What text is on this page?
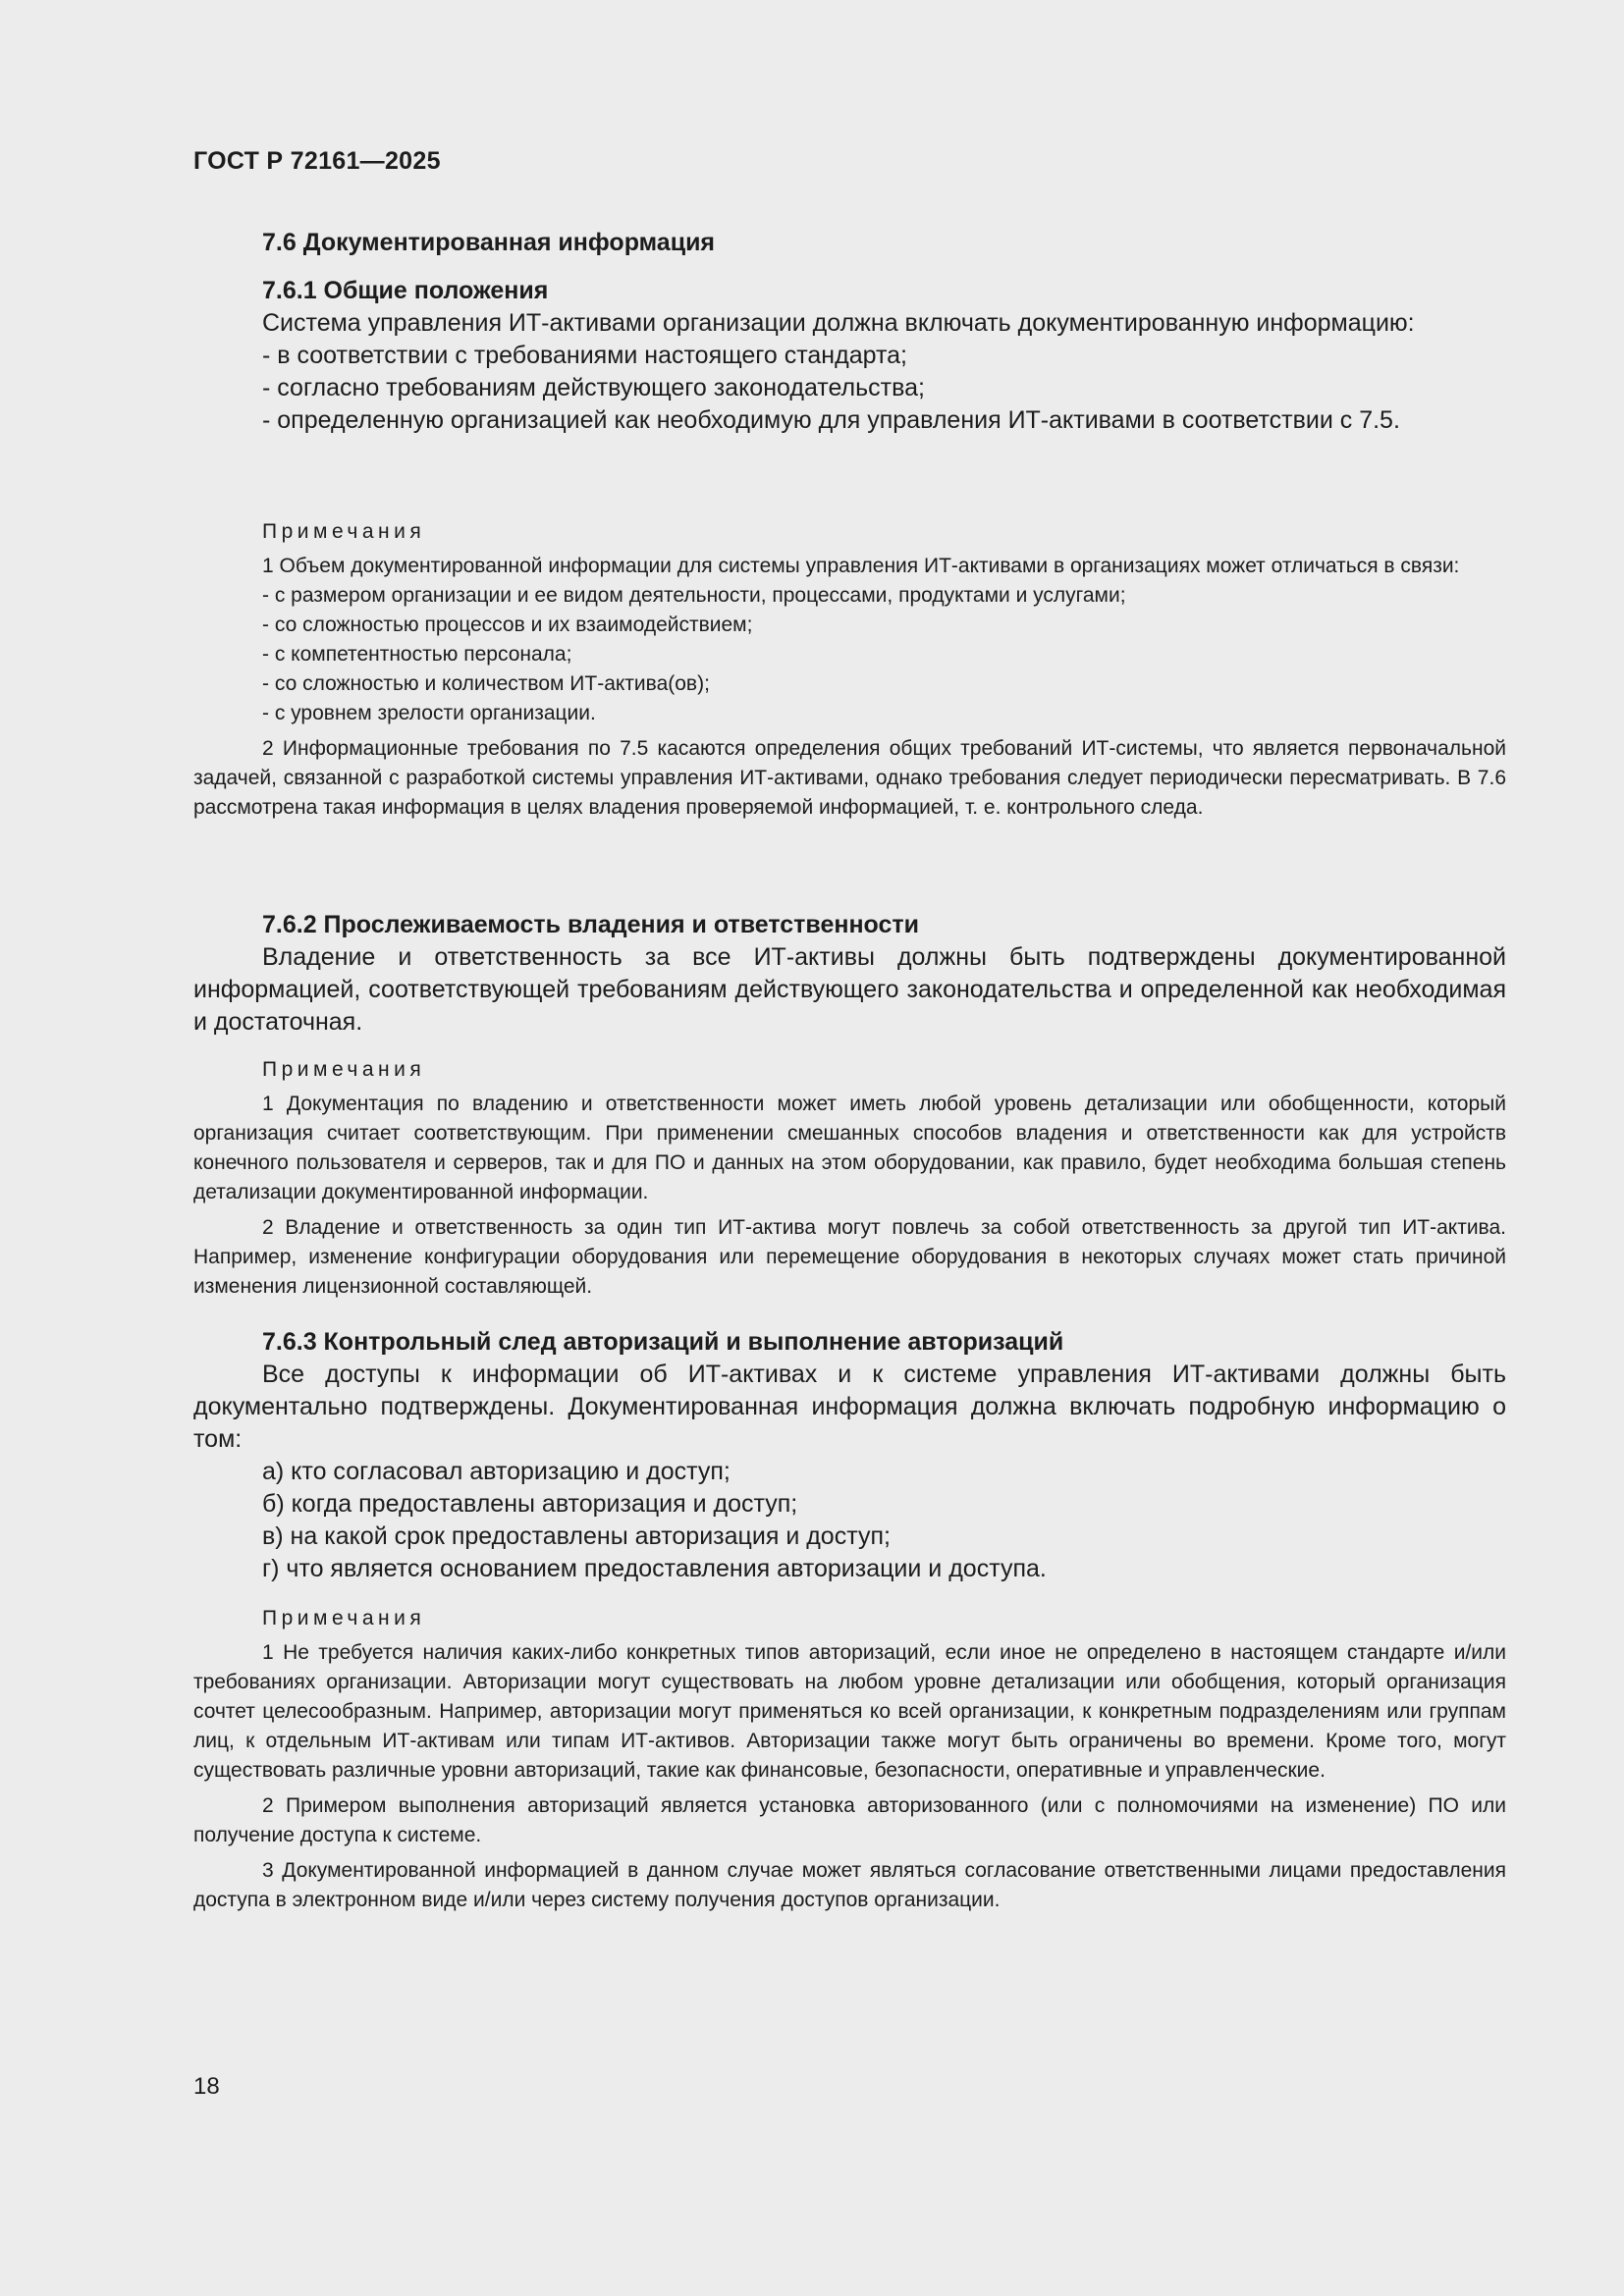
ГОСТ Р 72161—2025

7.6 Документированная информация

7.6.1 Общие положения

Система управления ИТ-активами организации должна включать документированную информацию:

- в соответствии с требованиями настоящего стандарта;

- согласно требованиям действующего законодательства;

- определенную организацией как необходимую для управления ИТ-активами в соответствии с 7.5.

Примечания

1 Объем документированной информации для системы управления ИТ-активами в организациях может отличаться в связи:

- с размером организации и ее видом деятельности, процессами, продуктами и услугами;

- со сложностью процессов и их взаимодействием;

- с компетентностью персонала;

- со сложностью и количеством ИТ-актива(ов);

- с уровнем зрелости организации.

2 Информационные требования по 7.5 касаются определения общих требований ИТ-системы, что является первоначальной задачей, связанной с разработкой системы управления ИТ-активами, однако требования следует периодически пересматривать. В 7.6 рассмотрена такая информация в целях владения проверяемой информацией, т. е. контрольного следа.

7.6.2 Прослеживаемость владения и ответственности

Владение и ответственность за все ИТ-активы должны быть подтверждены документированной информацией, соответствующей требованиям действующего законодательства и определенной как необходимая и достаточная.

Примечания

1 Документация по владению и ответственности может иметь любой уровень детализации или обобщенности, который организация считает соответствующим. При применении смешанных способов владения и ответственности как для устройств конечного пользователя и серверов, так и для ПО и данных на этом оборудовании, как правило, будет необходима большая степень детализации документированной информации.

2 Владение и ответственность за один тип ИТ-актива могут повлечь за собой ответственность за другой тип ИТ-актива. Например, изменение конфигурации оборудования или перемещение оборудования в некоторых случаях может стать причиной изменения лицензионной составляющей.

7.6.3 Контрольный след авторизаций и выполнение авторизаций

Все доступы к информации об ИТ-активах и к системе управления ИТ-активами должны быть документально подтверждены. Документированная информация должна включать подробную информацию о том:

а) кто согласовал авторизацию и доступ;

б) когда предоставлены авторизация и доступ;

в) на какой срок предоставлены авторизация и доступ;

г) что является основанием предоставления авторизации и доступа.

Примечания

1 Не требуется наличия каких-либо конкретных типов авторизаций, если иное не определено в настоящем стандарте и/или требованиях организации. Авторизации могут существовать на любом уровне детализации или обобщения, который организация сочтет целесообразным. Например, авторизации могут применяться ко всей организации, к конкретным подразделениям или группам лиц, к отдельным ИТ-активам или типам ИТ-активов. Авторизации также могут быть ограничены во времени. Кроме того, могут существовать различные уровни авторизаций, такие как финансовые, безопасности, оперативные и управленческие.

2 Примером выполнения авторизаций является установка авторизованного (или с полномочиями на изменение) ПО или получение доступа к системе.

3 Документированной информацией в данном случае может являться согласование ответственными лицами предоставления доступа в электронном виде и/или через систему получения доступов организации.

18
